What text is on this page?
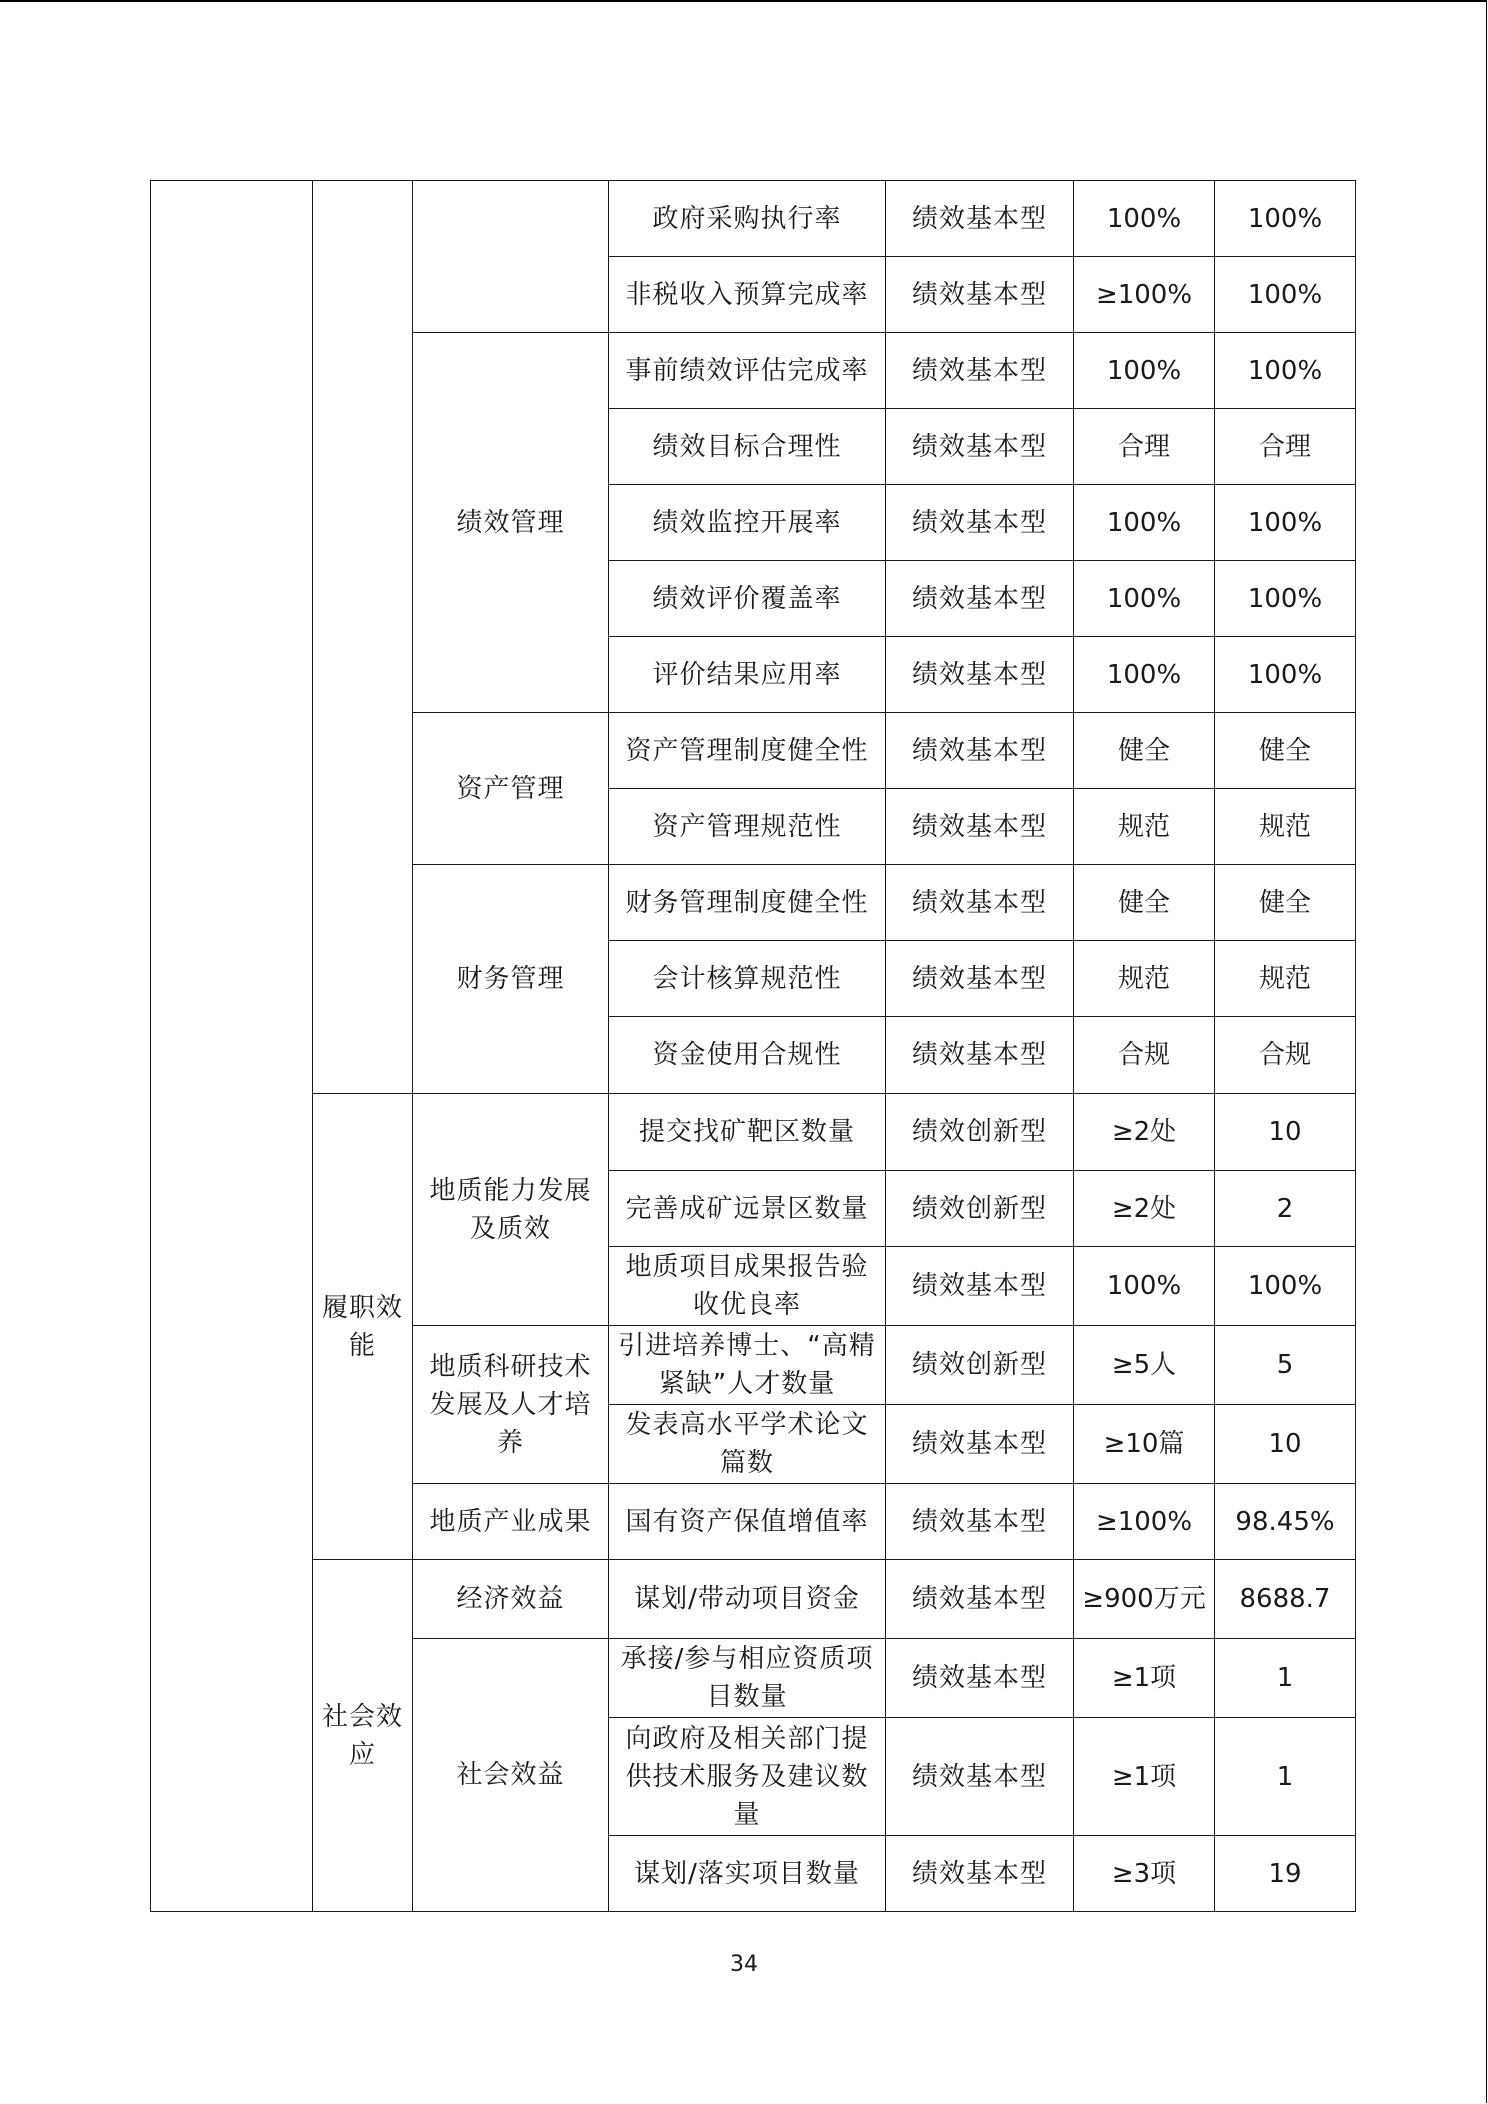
			政府采购执行率	绩效基本型	100%	100%
			非税收入预算完成率	绩效基本型	≥100%	100%
		绩效管理	事前绩效评估完成率	绩效基本型	100%	100%
			绩效目标合理性	绩效基本型	合理	合理
			绩效监控开展率	绩效基本型	100%	100%
			绩效评价覆盖率	绩效基本型	100%	100%
			评价结果应用率	绩效基本型	100%	100%
		资产管理	资产管理制度健全性	绩效基本型	健全	健全
			资产管理规范性	绩效基本型	规范	规范
		财务管理	财务管理制度健全性	绩效基本型	健全	健全
			会计核算规范性	绩效基本型	规范	规范
			资金使用合规性	绩效基本型	合规	合规
	履职效能	地质能力发展及质效	提交找矿靶区数量	绩效创新型	≥2处	10
			完善成矿远景区数量	绩效创新型	≥2处	2
			地质项目成果报告验收优良率	绩效基本型	100%	100%
		地质科研技术发展及人才培养	引进培养博士、“高精紧缺”人才数量	绩效创新型	≥5人	5
			发表高水平学术论文篇数	绩效基本型	≥10篇	10
		地质产业成果	国有资产保值增值率	绩效基本型	≥100%	98.45%
	社会效应	经济效益	谋划/带动项目资金	绩效基本型	≥900万元	8688.7
		社会效益	承接/参与相应资质项目数量	绩效基本型	≥1项	1
			向政府及相关部门提供技术服务及建议数量	绩效基本型	≥1项	1
			谋划/落实项目数量	绩效基本型	≥3项	19
34
